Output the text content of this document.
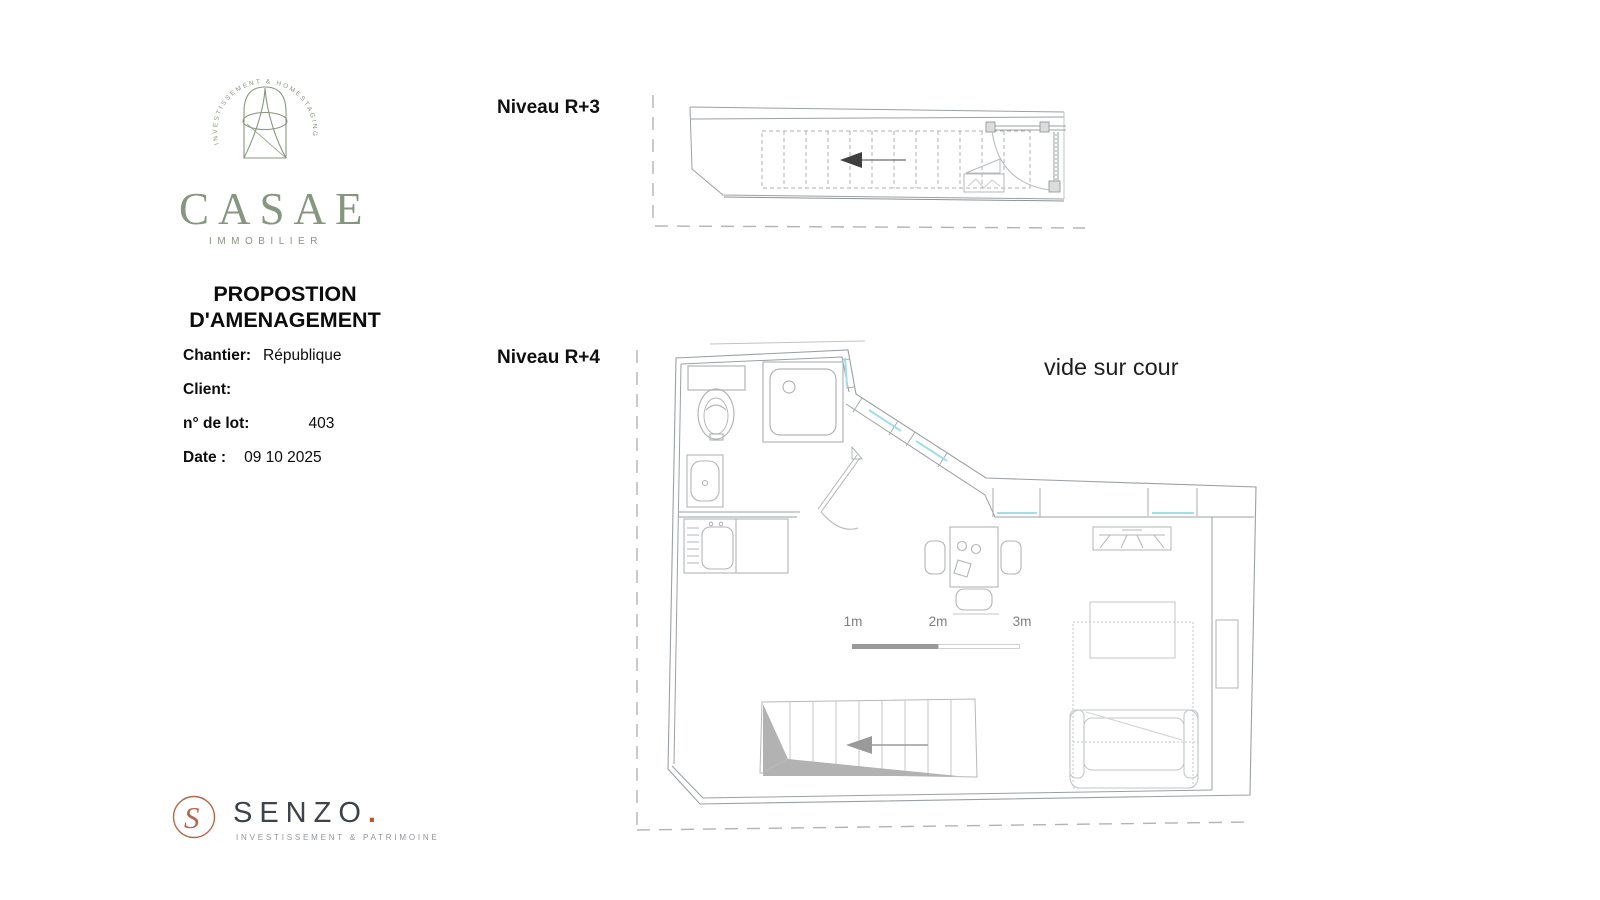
INVESTISSEMENT & HOMESTAGING
CASAE
IMMOBILIER
PROPOSTION
D'AMENAGEMENT
Chantier: République
Client:
n° de lot:	403
Date : 09 10 2025
S SENZO.
INVESTISSEMENT & PATRIMOINE
Niveau R+3
Niveau R+4	vide sur cour
1m	2m	3m
